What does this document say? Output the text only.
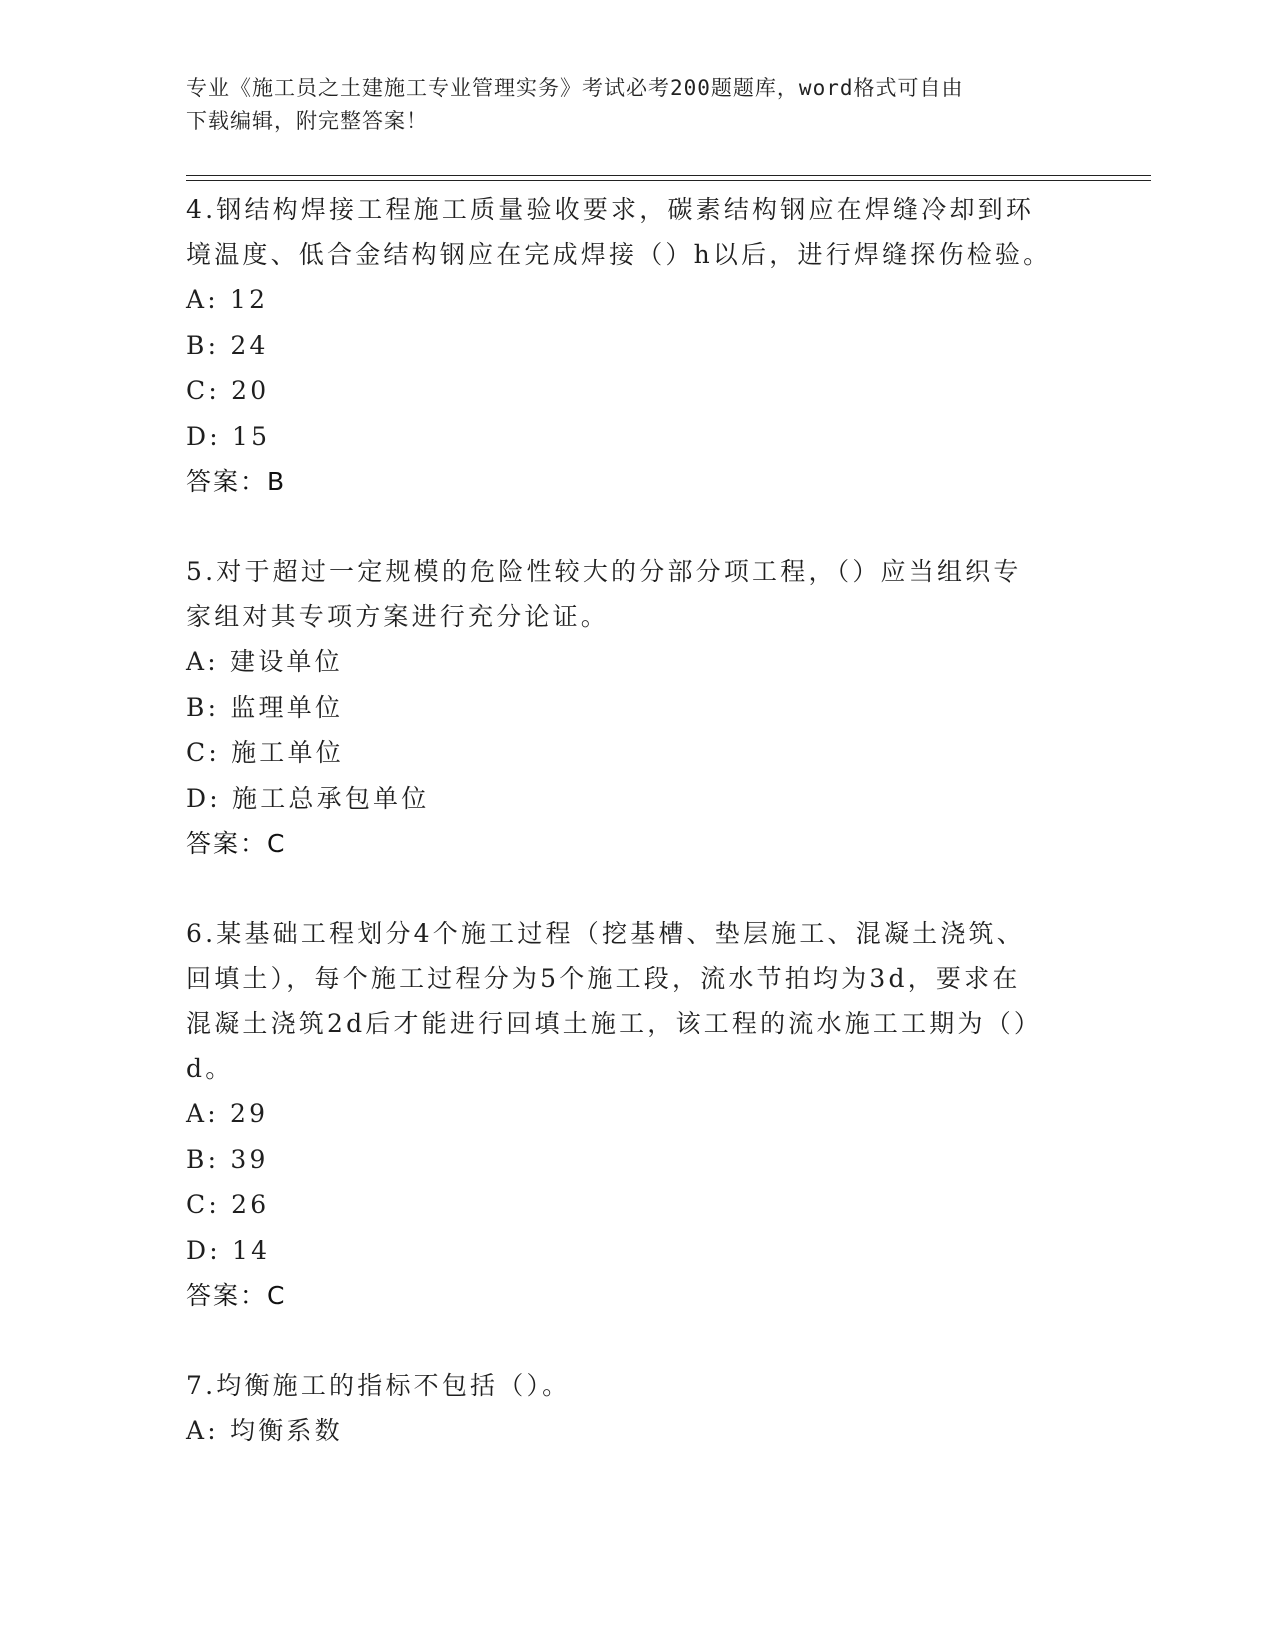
专业《施工员之土建施工专业管理实务》考试必考200题题库，word格式可自由
下载编辑，附完整答案！
4.钢结构焊接工程施工质量验收要求，碳素结构钢应在焊缝冷却到环
境温度、低合金结构钢应在完成焊接（）h以后，进行焊缝探伤检验。
A: 12
B: 24
C: 20
D: 15
答案：B
5.对于超过一定规模的危险性较大的分部分项工程，（）应当组织专
家组对其专项方案进行充分论证。
A: 建设单位
B: 监理单位
C: 施工单位
D: 施工总承包单位
答案：C
6.某基础工程划分4个施工过程（挖基槽、垫层施工、混凝土浇筑、
回填土），每个施工过程分为5个施工段，流水节拍均为3d，要求在
混凝土浇筑2d后才能进行回填土施工，该工程的流水施工工期为（）
d。
A: 29
B: 39
C: 26
D: 14
答案：C
7.均衡施工的指标不包括（）。
A: 均衡系数
